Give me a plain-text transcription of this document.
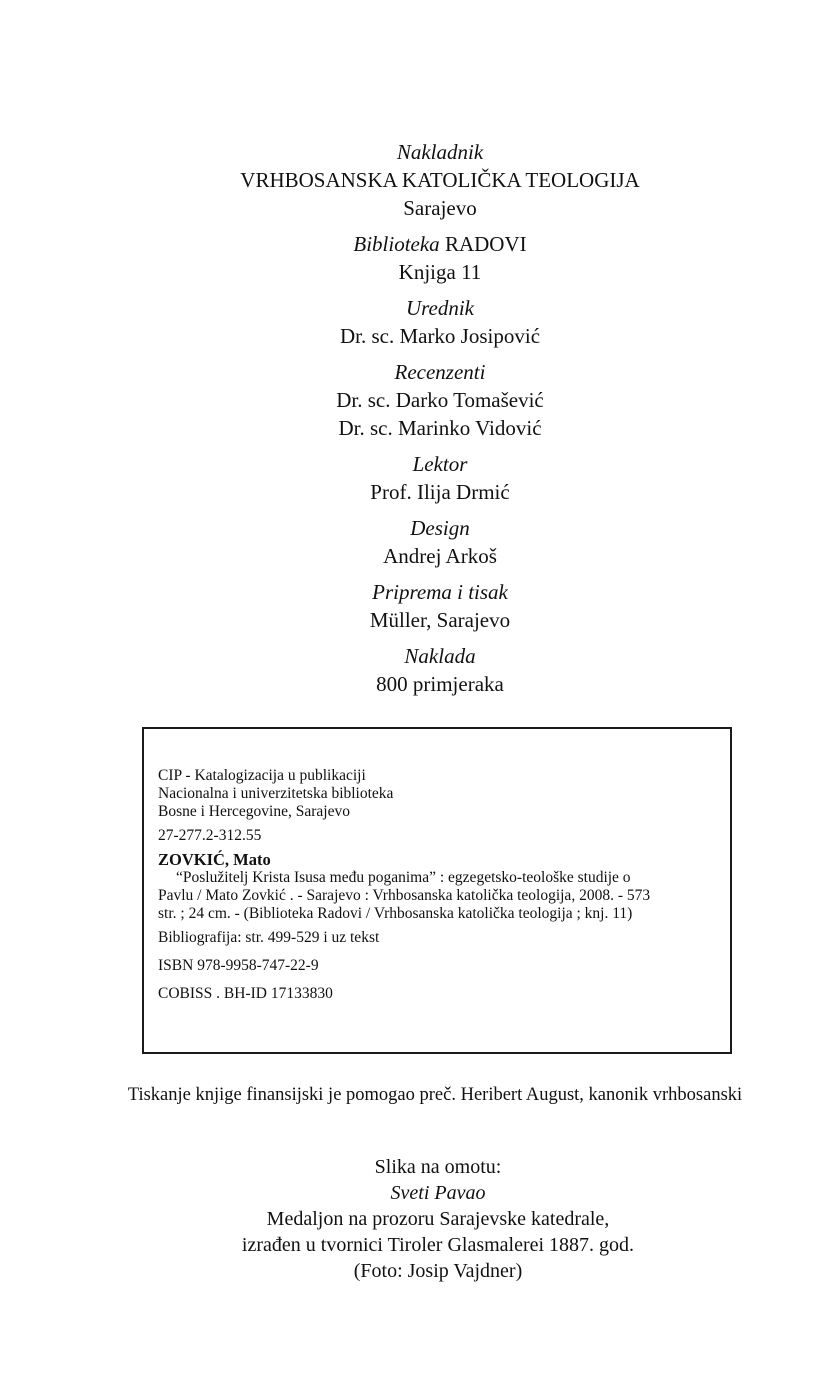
Nakladnik
VRHBOSANSKA KATOLIČKA TEOLOGIJA
Sarajevo
Biblioteka RADOVI
Knjiga 11
Urednik
Dr. sc. Marko Josipović
Recenzenti
Dr. sc. Darko Tomašević
Dr. sc. Marinko Vidović
Lektor
Prof. Ilija Drmić
Design
Andrej Arkoš
Priprema i tisak
Müller, Sarajevo
Naklada
800 primjeraka
CIP - Katalogizacija u publikaciji
Nacionalna i univerzitetska biblioteka
Bosne i Hercegovine, Sarajevo
27-277.2-312.55
ZOVKIĆ, Mato
“Poslužitelj Krista Isusa među poganima” : egzegetsko-teološke studije o
Pavlu / Mato Zovkić . - Sarajevo : Vrhbosanska katolička teologija, 2008. - 573
str. ; 24 cm. - (Biblioteka Radovi / Vrhbosanska katolička teologija ; knj. 11)
Bibliografija: str. 499-529 i uz tekst
ISBN 978-9958-747-22-9
COBISS . BH-ID 17133830
Tiskanje knjige finansijski je pomogao preč. Heribert August, kanonik vrhbosanski
Slika na omotu:
Sveti Pavao
Medaljon na prozoru Sarajevske katedrale,
izrađen u tvornici Tiroler Glasmalerei 1887. god.
(Foto: Josip Vajdner)
